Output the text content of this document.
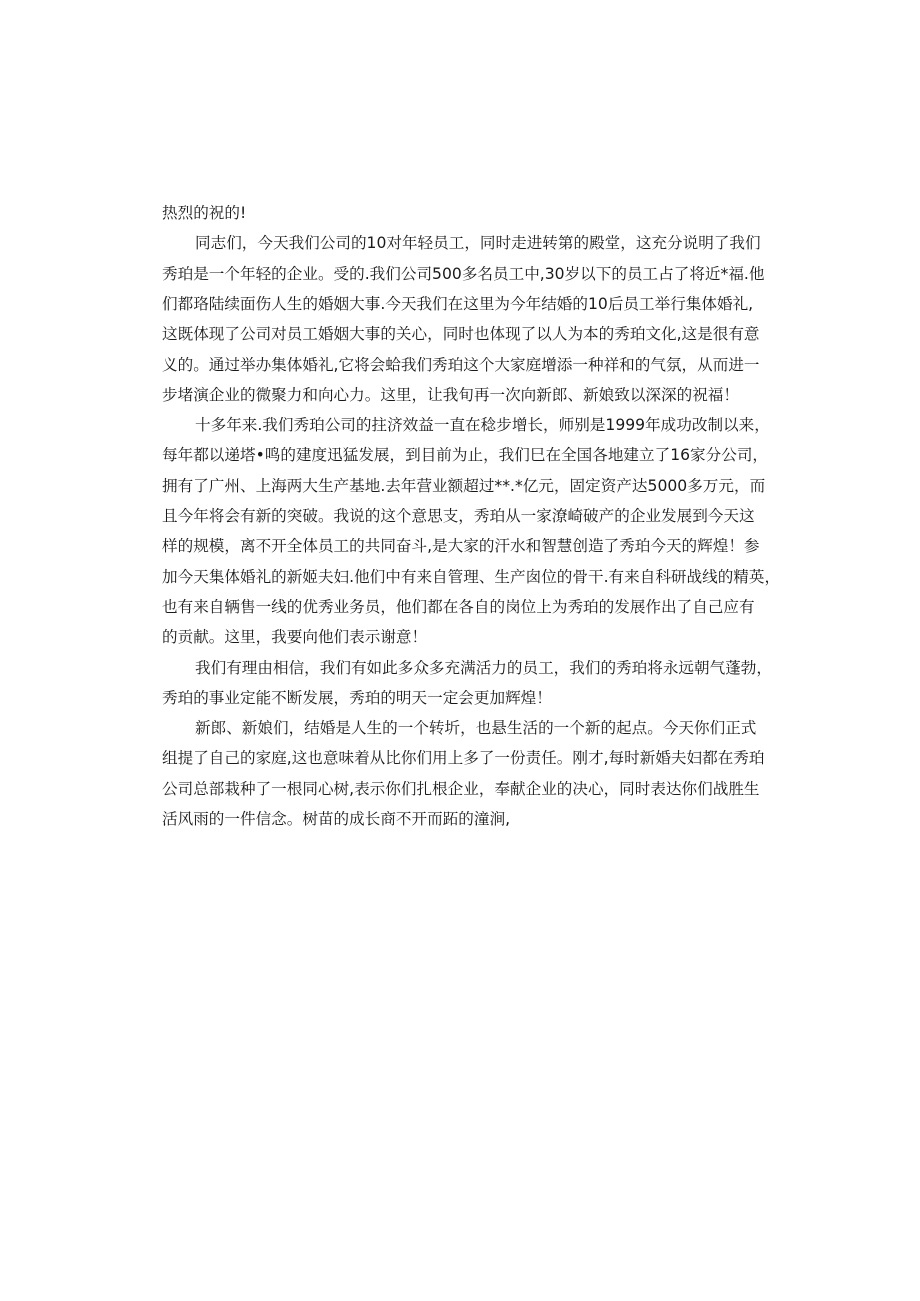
热烈的祝的!
同志们，今天我们公司的10对年轻员工，同时走进转第的殿堂，这充分说明了我们
秀珀是一个年轻的企业。受的.我们公司500多名员工中,30岁以下的员工占了将近*福.他
们都珞陆续面伤人生的婚姻大事.今天我们在这里为今年结婚的10后员工举行集体婚礼,
这既体现了公司对员工婚姻大事的关心，同时也体现了以人为本的秀珀文化,这是很有意
义的。通过举办集体婚礼,它将会蛤我们秀珀这个大家庭增添一种祥和的气氛，从而进一
步堵演企业的微聚力和向心力。这里，让我旬再一次向新郎、新娘致以深深的祝福！
十多年来.我们秀珀公司的拄济效益一直在稔步增长，师别是1999年成功改制以来，
每年都以递塔•鸣的建度迅猛发展，到目前为止，我们巳在全国各地建立了16家分公司，
拥有了广州、上海两大生产基地.去年营业额超过**.*亿元，固定资产达5000多万元，而
且今年将会有新的突破。我说的这个意思支，秀珀从一家潦崎破产的企业发展到今天这
样的规模，离不开全体员工的共同奋斗,是大家的汗水和智慧创造了秀珀今天的辉煌！参
加今天集体婚礼的新姬夫妇.他们中有来自管理、生产囱位的骨干.有来自科研战线的精英，
也有来自辆售一线的优秀业务员，他们都在各自的岗位上为秀珀的发展作出了自己应有
的贡献。这里，我要向他们表示谢意！
我们有理由相信，我们有如此多众多充满活力的员工，我们的秀珀将永远朝气蓬勃，
秀珀的事业定能不断发展，秀珀的明天一定会更加辉煌！
新郎、新娘们，结婚是人生的一个转圻，也悬生活的一个新的起点。今天你们正式
组提了自己的家庭,这也意味着从比你们用上多了一份责任。刚才,每时新婚夫妇都在秀珀
公司总部栽种了一根同心树,表示你们扎根企业，奉献企业的决心，同时表达你们战胜生
活风雨的一件信念。树苗的成长商不开而跖的潼涧,
